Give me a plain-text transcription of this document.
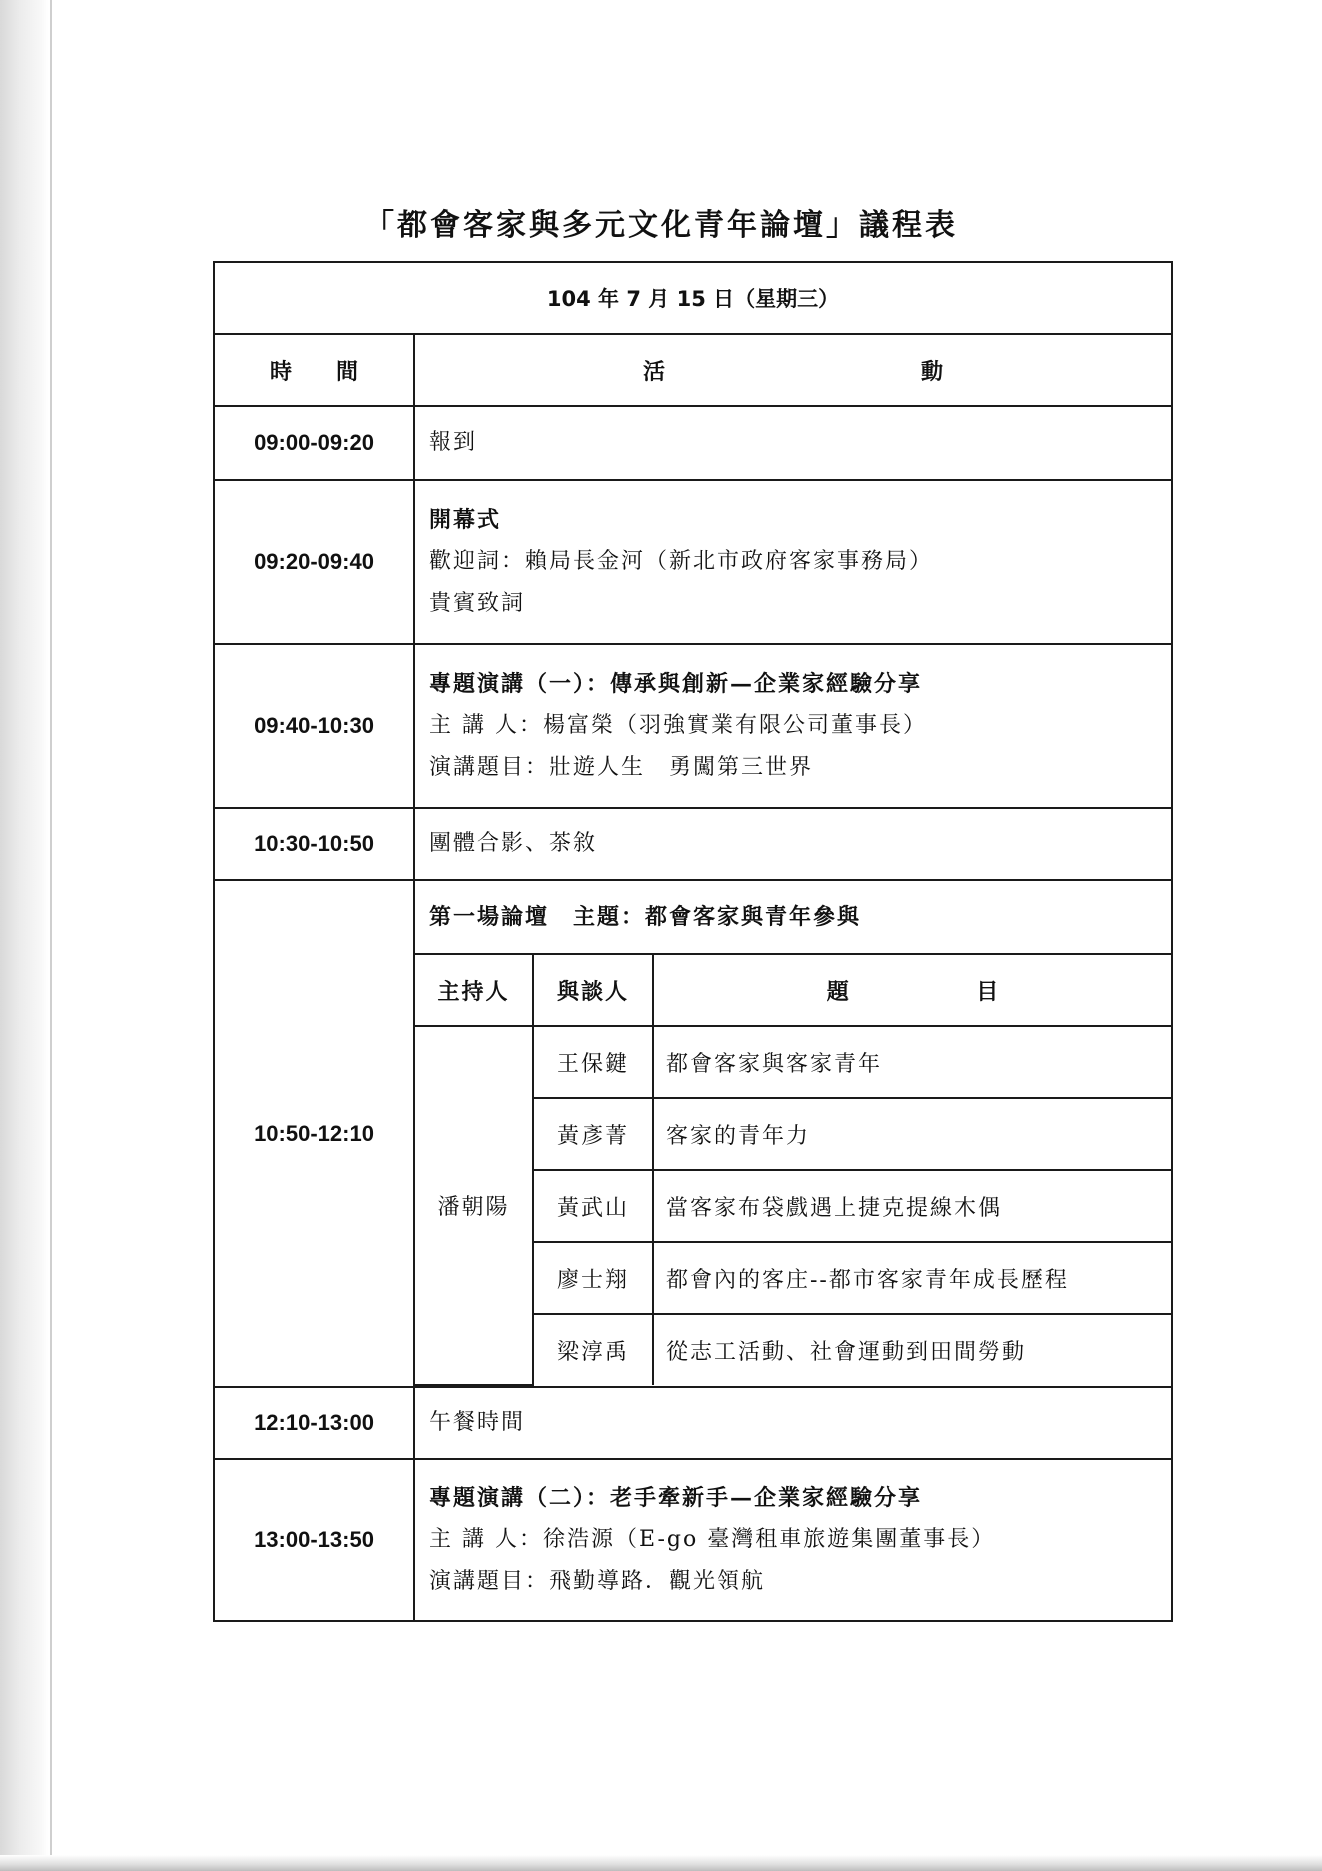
「都會客家與多元文化青年論壇」議程表
104 年 7 月 15 日（星期三）
時   間	活	動

09:00-09:20	報到

09:20-09:40	
開幕式
歡迎詞：賴局長金河（新北市政府客家事務局）
貴賓致詞

09:40-10:30	
專題演講（一）：傳承與創新—企業家經驗分享
主 講 人：楊富榮（羽強實業有限公司董事長）
演講題目：壯遊人生　勇闖第三世界

10:30-10:50	團體合影、茶敘

10:50-12:10	
第一場論壇　主題：都會客家與青年參與
主持人	與談人	題	目

潘朝陽	王保鍵	都會客家與客家青年
黃彥菁	客家的青年力
黃武山	當客家布袋戲遇上捷克提線木偶
廖士翔	都會內的客庄--都市客家青年成長歷程
梁淳禹	從志工活動、社會運動到田間勞動

12:10-13:00	午餐時間

13:00-13:50	
專題演講（二）：老手牽新手—企業家經驗分享
主 講 人：徐浩源（E-go 臺灣租車旅遊集團董事長）
演講題目：飛勤導路．觀光領航
